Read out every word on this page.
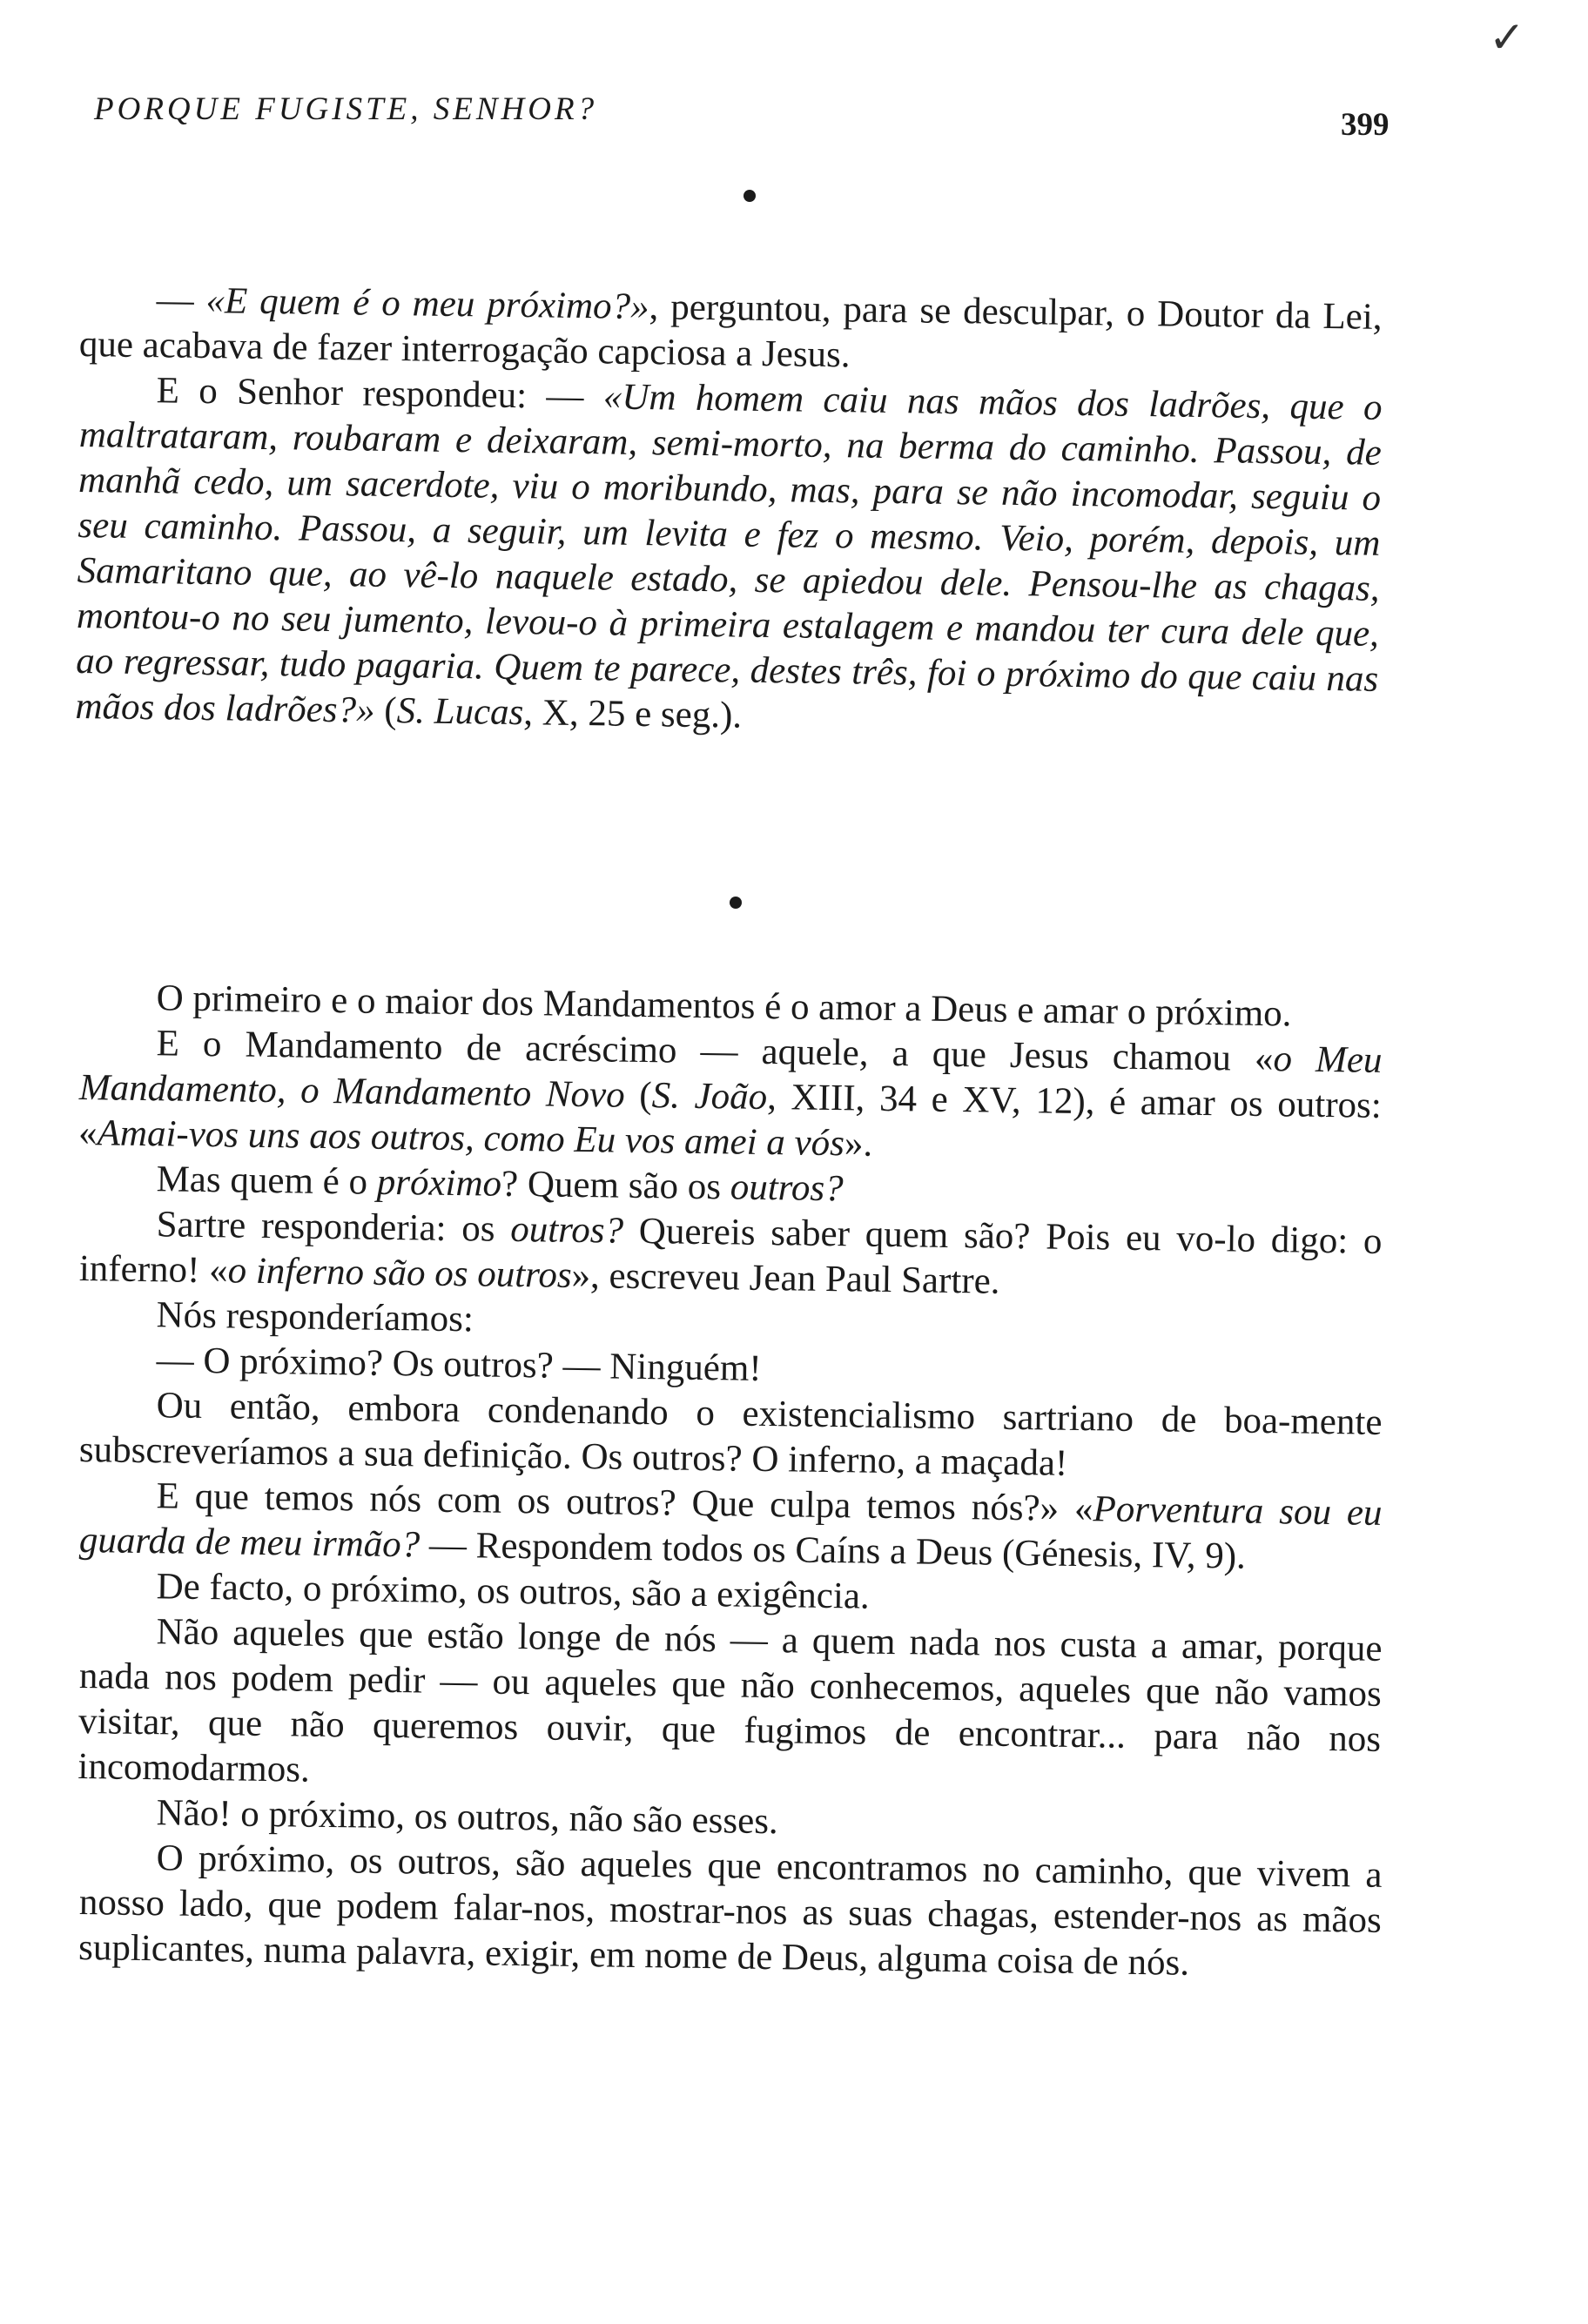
✓
PORQUE FUGISTE, SENHOR?	399

— «E quem é o meu próximo?», perguntou, para se desculpar, o Doutor da Lei, que acabava de fazer interrogação capciosa a Jesus.

E o Senhor respondeu: — «Um homem caiu nas mãos dos ladrões, que o maltrataram, roubaram e deixaram, semi-morto, na berma do caminho. Passou, de manhã cedo, um sacerdote, viu o moribundo, mas, para se não incomodar, seguiu o seu caminho. Passou, a seguir, um levita e fez o mesmo. Veio, porém, depois, um Samaritano que, ao vê-lo naquele estado, se apiedou dele. Pensou-lhe as chagas, montou-o no seu jumento, levou-o à primeira estalagem e mandou ter cura dele que, ao regressar, tudo pagaria. Quem te parece, destes três, foi o próximo do que caiu nas mãos dos ladrões?» (S. Lucas, X, 25 e seg.).

O primeiro e o maior dos Mandamentos é o amor a Deus e amar o próximo.

E o Mandamento de acréscimo — aquele, a que Jesus chamou «o Meu Mandamento, o Mandamento Novo (S. João, XIII, 34 e XV, 12), é amar os outros: «Amai-vos uns aos outros, como Eu vos amei a vós».

Mas quem é o próximo? Quem são os outros?

Sartre responderia: os outros? Quereis saber quem são? Pois eu vo-lo digo: o inferno! «o inferno são os outros», escreveu Jean Paul Sartre.

Nós responderíamos:

— O próximo? Os outros? — Ninguém!

Ou então, embora condenando o existencialismo sartriano de boa-mente subscreveríamos a sua definição. Os outros? O inferno, a maçada!

E que temos nós com os outros? Que culpa temos nós?» «Porventura sou eu guarda de meu irmão? — Respondem todos os Caíns a Deus (Génesis, IV, 9).

De facto, o próximo, os outros, são a exigência.

Não aqueles que estão longe de nós — a quem nada nos custa a amar, porque nada nos podem pedir — ou aqueles que não conhecemos, aqueles que não vamos visitar, que não queremos ouvir, que fugimos de encontrar... para não nos incomodarmos.

Não! o próximo, os outros, não são esses.

O próximo, os outros, são aqueles que encontramos no caminho, que vivem a nosso lado, que podem falar-nos, mostrar-nos as suas chagas, estender-nos as mãos suplicantes, numa palavra, exigir, em nome de Deus, alguma coisa de nós.
